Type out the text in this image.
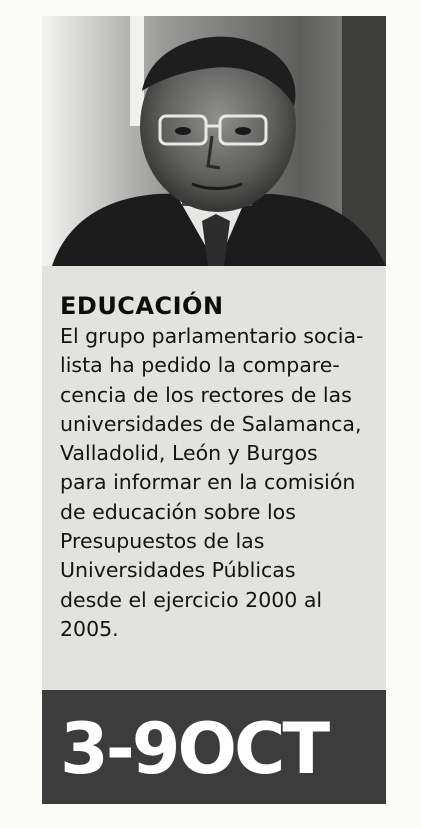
EDUCACIÓN
El grupo parlamentario socia-
lista ha pedido la compare-
cencia de los rectores de las
universidades de Salamanca,
Valladolid, León y Burgos
para informar en la comisión
de educación sobre los
Presupuestos de las
Universidades Públicas
desde el ejercicio 2000 al
2005.
3-9OCT
